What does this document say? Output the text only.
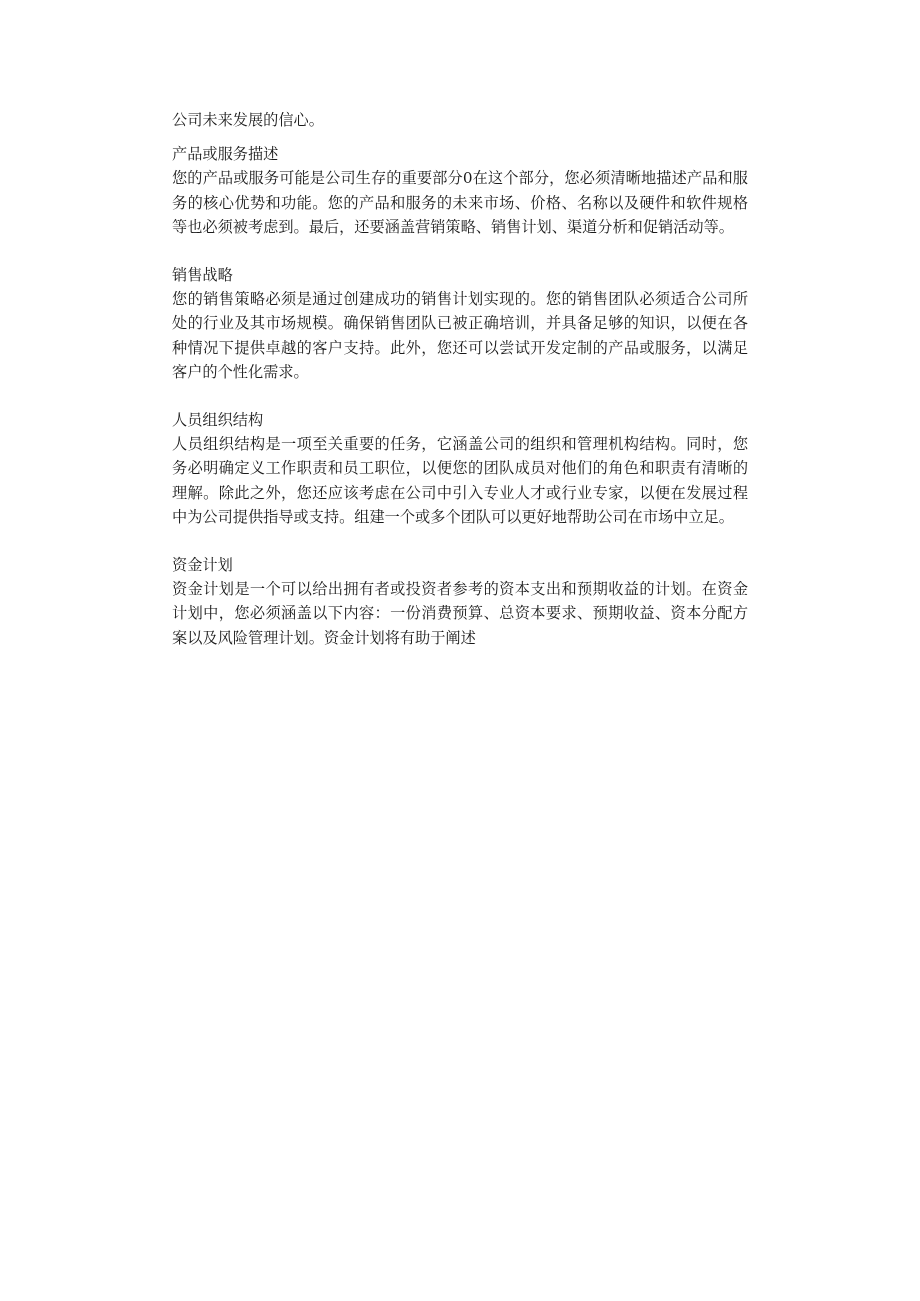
公司未来发展的信心。

产品或服务描述

您的产品或服务可能是公司生存的重要部分0在这个部分，您必须清晰地描述产品和服务的核心优势和功能。您的产品和服务的未来市场、价格、名称以及硬件和软件规格等也必须被考虑到。最后，还要涵盖营销策略、销售计划、渠道分析和促销活动等。

销售战略

您的销售策略必须是通过创建成功的销售计划实现的。您的销售团队必须适合公司所处的行业及其市场规模。确保销售团队已被正确培训，并具备足够的知识，以便在各种情况下提供卓越的客户支持。此外，您还可以尝试开发定制的产品或服务，以满足客户的个性化需求。

人员组织结构

人员组织结构是一项至关重要的任务，它涵盖公司的组织和管理机构结构。同时，您务必明确定义工作职责和员工职位，以便您的团队成员对他们的角色和职责有清晰的理解。除此之外，您还应该考虑在公司中引入专业人才或行业专家，以便在发展过程中为公司提供指导或支持。组建一个或多个团队可以更好地帮助公司在市场中立足。

资金计划

资金计划是一个可以给出拥有者或投资者参考的资本支出和预期收益的计划。在资金计划中，您必须涵盖以下内容：一份消费预算、总资本要求、预期收益、资本分配方案以及风险管理计划。资金计划将有助于阐述
